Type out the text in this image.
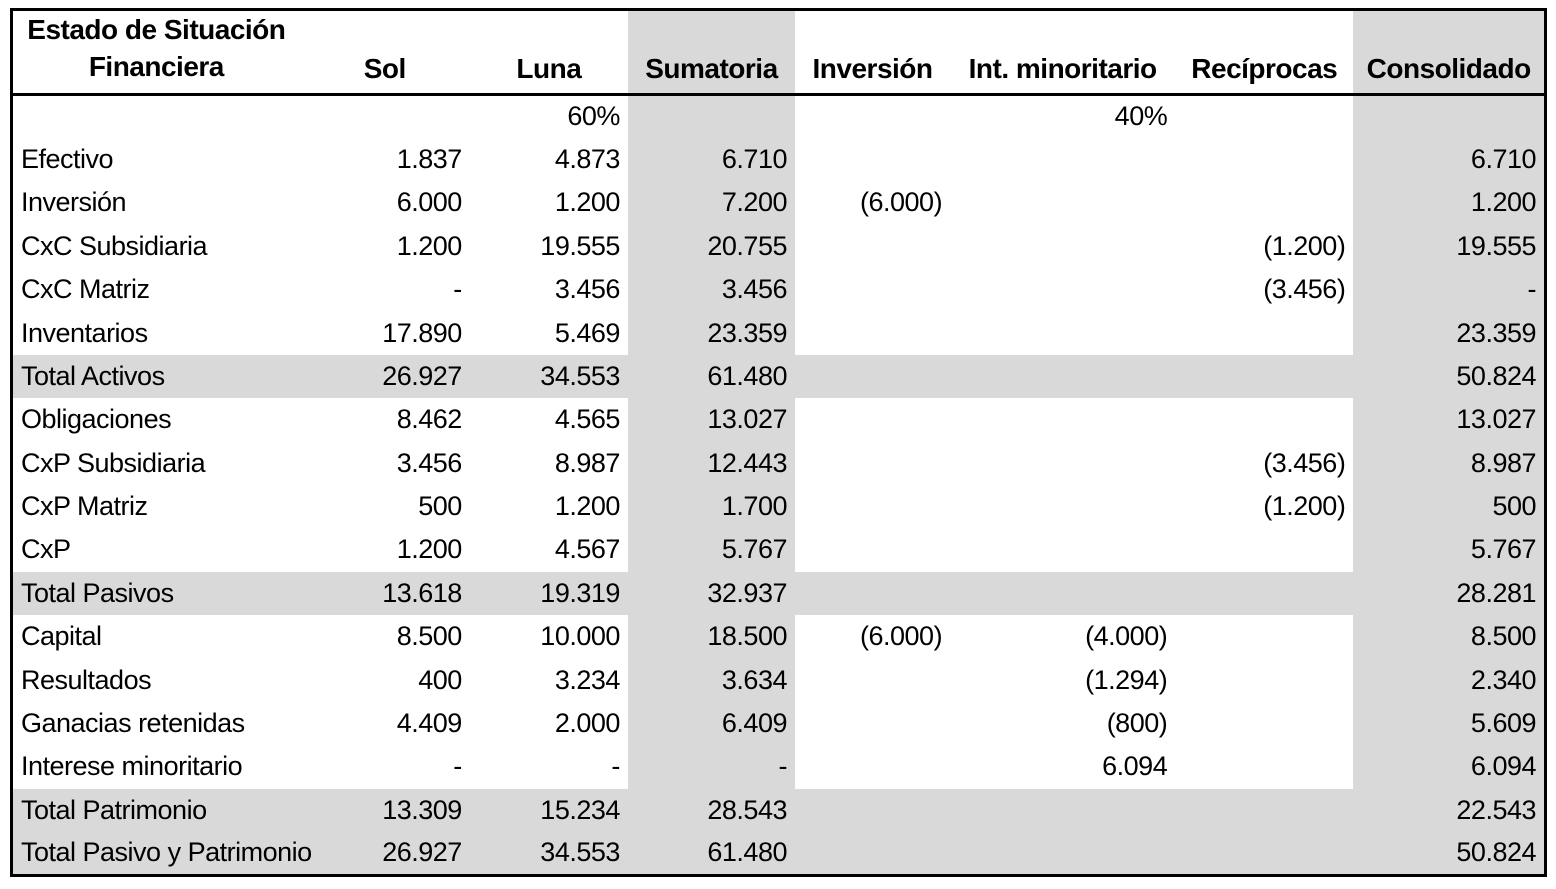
Estado de Situación
Financiera	Sol	Luna	Sumatoria	Inversión	Int. minoritario	Recíprocas	Consolidado
		60%			40%		
Efectivo	1.837	4.873	6.710				6.710
Inversión	6.000	1.200	7.200	(6.000)			1.200
CxC Subsidiaria	1.200	19.555	20.755			(1.200)	19.555
CxC Matriz	-	3.456	3.456			(3.456)	-
Inventarios	17.890	5.469	23.359				23.359
Total Activos	26.927	34.553	61.480				50.824
Obligaciones	8.462	4.565	13.027				13.027
CxP Subsidiaria	3.456	8.987	12.443			(3.456)	8.987
CxP Matriz	500	1.200	1.700			(1.200)	500
CxP	1.200	4.567	5.767				5.767
Total Pasivos	13.618	19.319	32.937				28.281
Capital	8.500	10.000	18.500	(6.000)	(4.000)		8.500
Resultados	400	3.234	3.634		(1.294)		2.340
Ganacias retenidas	4.409	2.000	6.409		(800)		5.609
Interese minoritario	-	-	-		6.094		6.094
Total Patrimonio	13.309	15.234	28.543				22.543
Total Pasivo y Patrimonio	26.927	34.553	61.480				50.824
